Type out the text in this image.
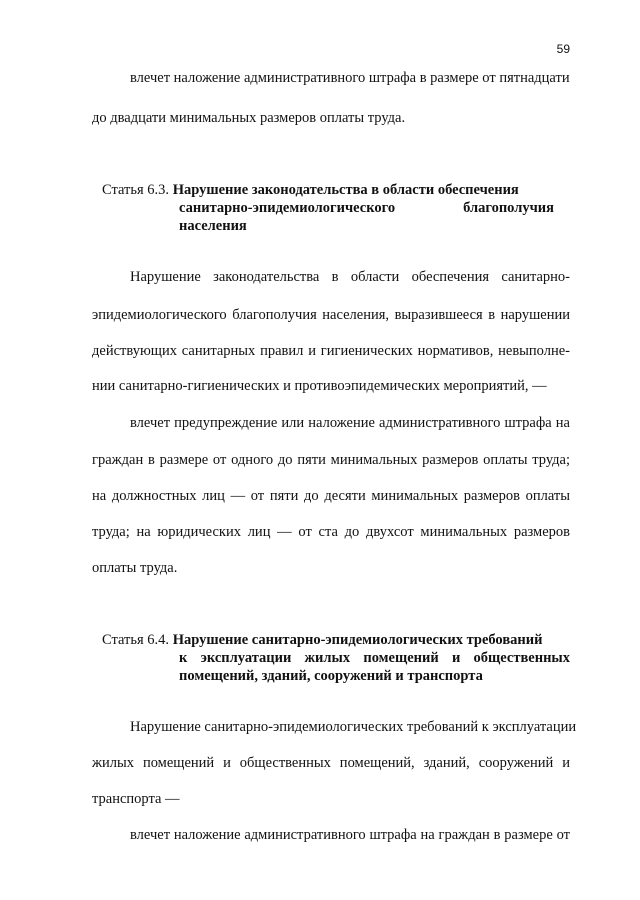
59
влечет наложение административного штрафа в размере от пятнадцати
до двадцати минимальных размеров оплаты труда.
Статья 6.3. Нарушение законодательства в области обеспечения
санитарно-эпидемиологического благополучия
населения
Нарушение законодательства в области обеспечения санитарно-
эпидемиологического благополучия населения, выразившееся в нарушении
действующих санитарных правил и гигиенических нормативов, невыполне-
нии санитарно-гигиенических и противоэпидемических мероприятий, —
влечет предупреждение или наложение административного штрафа на
граждан в размере от одного до пяти минимальных размеров оплаты труда;
на должностных лиц — от пяти до десяти минимальных размеров оплаты
труда; на юридических лиц — от ста до двухсот минимальных размеров
оплаты труда.
Статья 6.4. Нарушение санитарно-эпидемиологических требований
к эксплуатации жилых помещений и общественных
помещений, зданий, сооружений и транспорта
Нарушение санитарно-эпидемиологических требований к эксплуатации
жилых помещений и общественных помещений, зданий, сооружений и
транспорта —
влечет наложение административного штрафа на граждан в размере от
